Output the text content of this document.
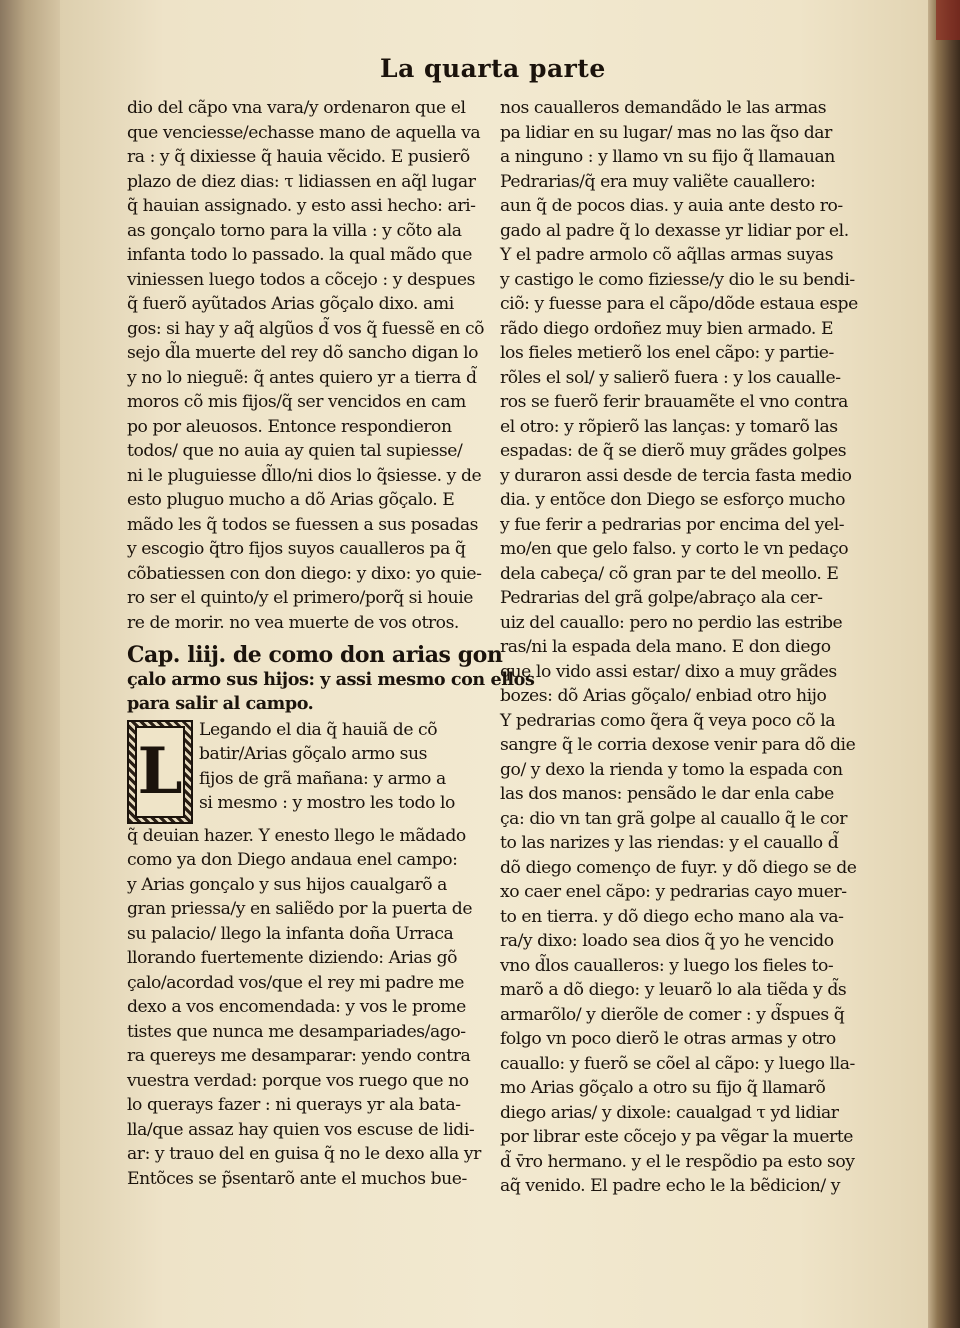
La quarta parte
dio del cãpo vna vara/y ordenaron que el
que venciesse/echasse mano de aquella va
ra : y q̃ dixiesse q̃ hauia vẽcido. E pusierõ
plazo de diez dias: τ lidiassen en aq̃l lugar
q̃ hauian assignado. y esto assi hecho: ari-
as gonçalo torno para la villa : y cõto ala
infanta todo lo passado. la qual mãdo que
viniessen luego todos a cõcejo : y despues
q̃ fuerõ ayũtados Arias gõçalo dixo. ami
gos: si hay y aq̃ algũos d̃ vos q̃ fuessẽ en cõ
sejo d̃la muerte del rey dõ sancho digan lo
y no lo nieguẽ: q̃ antes quiero yr a tierra d̃
moros cõ mis fijos/q̃ ser vencidos en cam
po por aleuosos. Entonce respondieron
todos/ que no auia ay quien tal supiesse/
ni le pluguiesse d̃llo/ni dios lo q̃siesse. y de
esto pluguo mucho a dõ Arias gõçalo. E
mãdo les q̃ todos se fuessen a sus posadas
y escogio q̃tro fijos suyos caualleros pa q̃
cõbatiessen con don diego: y dixo: yo quie-
ro ser el quinto/y el primero/porq̃ si houie
re de morir. no vea muerte de vos otros.
Cap. liij. de como don arias gon
çalo armo sus hijos: y assi mesmo con ellos
para salir al campo.
L
Legando el dia q̃ hauiã de cõ
batir/Arias gõçalo armo sus
fijos de grã mañana: y armo a
si mesmo : y mostro les todo lo
q̃ deuian hazer. Y enesto llego le mãdado
como ya don Diego andaua enel campo:
y Arias gonçalo y sus hijos caualgarõ a
gran priessa/y en saliẽdo por la puerta de
su palacio/ llego la infanta doña Urraca
llorando fuertemente diziendo: Arias gõ
çalo/acordad vos/que el rey mi padre me
dexo a vos encomendada: y vos le prome
tistes que nunca me desampariades/ago-
ra quereys me desamparar: yendo contra
vuestra verdad: porque vos ruego que no
lo querays fazer : ni querays yr ala bata-
lla/que assaz hay quien vos escuse de lidi-
ar: y trauo del en guisa q̃ no le dexo alla yr
Entõces se p̃sentarõ ante el muchos bue-
nos caualleros demandãdo le las armas
pa lidiar en su lugar/ mas no las q̃so dar
a ninguno : y llamo vn su fijo q̃ llamauan
Pedrarias/q̃ era muy valiẽte cauallero:
aun q̃ de pocos dias. y auia ante desto ro-
gado al padre q̃ lo dexasse yr lidiar por el.
Y el padre armolo cõ aq̃llas armas suyas
y castigo le como fiziesse/y dio le su bendi-
ciõ: y fuesse para el cãpo/dõde estaua espe
rãdo diego ordoñez muy bien armado. E
los fieles metierõ los enel cãpo: y partie-
rõles el sol/ y salierõ fuera : y los caualle-
ros se fuerõ ferir brauamẽte el vno contra
el otro: y rõpierõ las lanças: y tomarõ las
espadas: de q̃ se dierõ muy grãdes golpes
y duraron assi desde de tercia fasta medio
dia. y entõce don Diego se esforço mucho
y fue ferir a pedrarias por encima del yel-
mo/en que gelo falso. y corto le vn pedaço
dela cabeça/ cõ gran par te del meollo. E
Pedrarias del grã golpe/abraço ala cer-
uiz del cauallo: pero no perdio las estribe
ras/ni la espada dela mano. E don diego
que lo vido assi estar/ dixo a muy grãdes
bozes: dõ Arias gõçalo/ enbiad otro hijo
Y pedrarias como q̃era q̃ veya poco cõ la
sangre q̃ le corria dexose venir para dõ die
go/ y dexo la rienda y tomo la espada con
las dos manos: pensãdo le dar enla cabe
ça: dio vn tan grã golpe al cauallo q̃ le cor
to las narizes y las riendas: y el cauallo d̃
dõ diego començo de fuyr. y dõ diego se de
xo caer enel cãpo: y pedrarias cayo muer-
to en tierra. y dõ diego echo mano ala va-
ra/y dixo: loado sea dios q̃ yo he vencido
vno d̃los caualleros: y luego los fieles to-
marõ a dõ diego: y leuarõ lo ala tiẽda y d̃s
armarõlo/ y dierõle de comer : y d̃spues q̃
folgo vn poco dierõ le otras armas y otro
cauallo: y fuerõ se cõel al cãpo: y luego lla-
mo Arias gõçalo a otro su fijo q̃ llamarõ
diego arias/ y dixole: caualgad τ yd lidiar
por librar este cõcejo y pa vẽgar la muerte
d̃ v̄ro hermano. y el le respõdio pa esto soy
aq̃ venido. El padre echo le la bẽdicion/ y
